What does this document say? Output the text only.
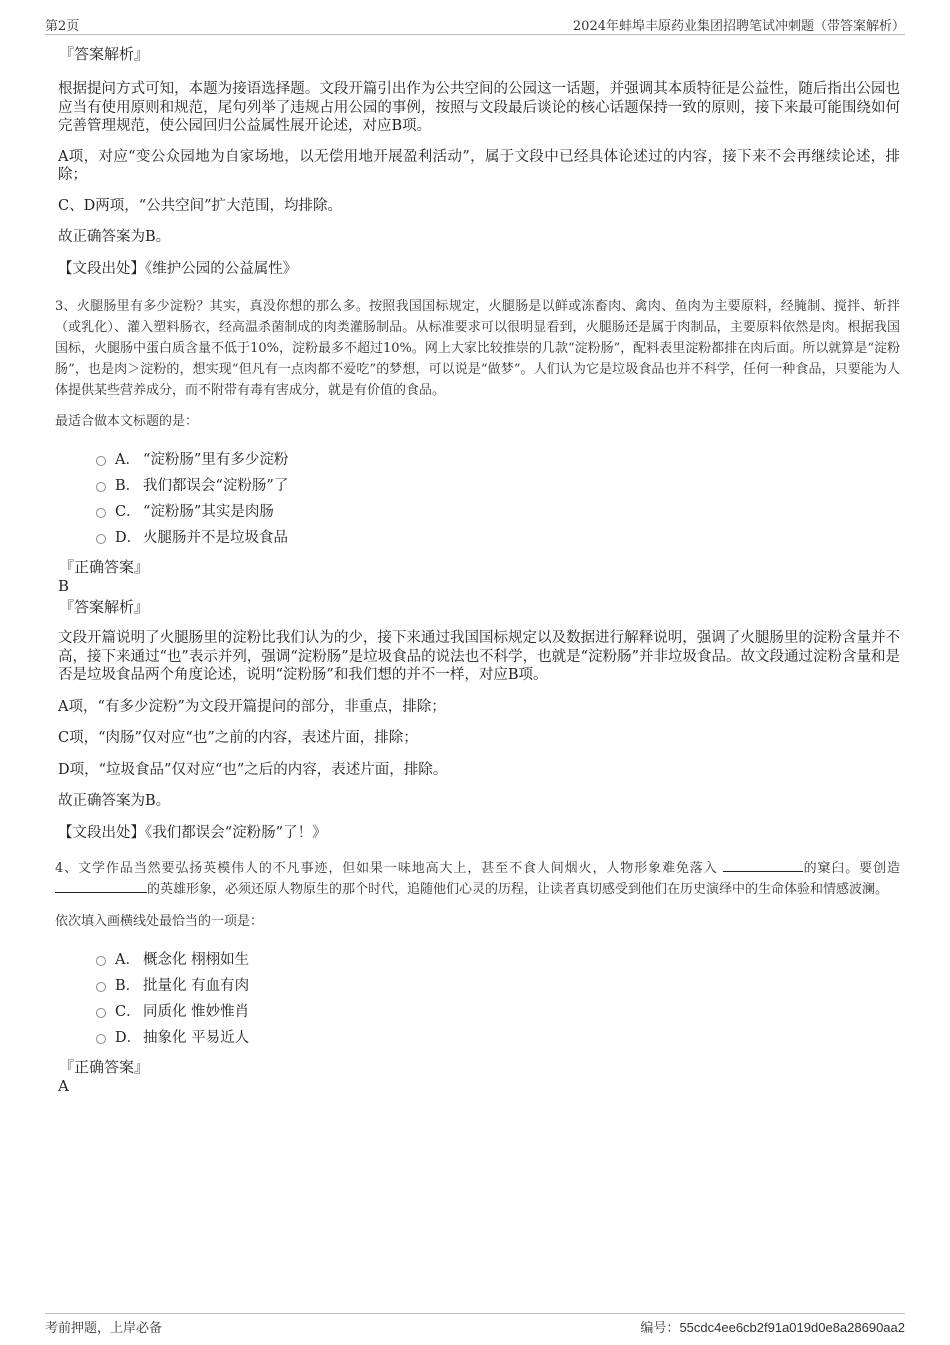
第2页	2024年蚌埠丰原药业集团招聘笔试冲刺题（带答案解析）
『答案解析』
根据提问方式可知，本题为接语选择题。文段开篇引出作为公共空间的公园这一话题，并强调其本质特征是公益性，随后指出公园也应当有使用原则和规范，尾句列举了违规占用公园的事例，按照与文段最后谈论的核心话题保持一致的原则，接下来最可能围绕如何完善管理规范，使公园回归公益属性展开论述，对应B项。
A项，对应“变公众园地为自家场地，以无偿用地开展盈利活动”，属于文段中已经具体论述过的内容，接下来不会再继续论述，排除；
C、D两项，“公共空间”扩大范围，均排除。
故正确答案为B。
【文段出处】《维护公园的公益属性》
3、火腿肠里有多少淀粉？其实，真没你想的那么多。按照我国国标规定，火腿肠是以鲜或冻畜肉、禽肉、鱼肉为主要原料，经腌制、搅拌、斩拌（或乳化）、灌入塑料肠衣，经高温杀菌制成的肉类灌肠制品。从标准要求可以很明显看到，火腿肠还是属于肉制品，主要原料依然是肉。根据我国国标，火腿肠中蛋白质含量不低于10%，淀粉最多不超过10%。网上大家比较推崇的几款“淀粉肠”，配料表里淀粉都排在肉后面。所以就算是“淀粉肠”，也是肉＞淀粉的，想实现“但凡有一点肉都不爱吃”的梦想，可以说是“做梦”。人们认为它是垃圾食品也并不科学，任何一种食品，只要能为人体提供某些营养成分，而不附带有毒有害成分，就是有价值的食品。
最适合做本文标题的是：
A． “淀粉肠”里有多少淀粉
B． 我们都误会“淀粉肠”了
C． “淀粉肠”其实是肉肠
D． 火腿肠并不是垃圾食品
『正确答案』
B
『答案解析』
文段开篇说明了火腿肠里的淀粉比我们认为的少，接下来通过我国国标规定以及数据进行解释说明，强调了火腿肠里的淀粉含量并不高，接下来通过“也”表示并列，强调“淀粉肠”是垃圾食品的说法也不科学，也就是“淀粉肠”并非垃圾食品。故文段通过淀粉含量和是否是垃圾食品两个角度论述，说明“淀粉肠”和我们想的并不一样，对应B项。
A项，“有多少淀粉”为文段开篇提问的部分，非重点，排除；
C项，“肉肠”仅对应“也”之前的内容，表述片面，排除；
D项，“垃圾食品”仅对应“也”之后的内容，表述片面，排除。
故正确答案为B。
【文段出处】《我们都误会“淀粉肠”了！》
4、文学作品当然要弘扬英模伟人的不凡事迹，但如果一味地高大上，甚至不食人间烟火，人物形象难免落入	的窠臼。要创造 的英雄形象，必须还原人物原生的那个时代，追随他们心灵的历程，让读者真切感受到他们在历史演绎中的生命体验和情感波澜。
依次填入画横线处最恰当的一项是：
A． 概念化 栩栩如生
B． 批量化 有血有肉
C． 同质化 惟妙惟肖
D． 抽象化 平易近人
『正确答案』
A
考前押题，上岸必备	编号：55cdc4ee6cb2f91a019d0e8a28690aa2
